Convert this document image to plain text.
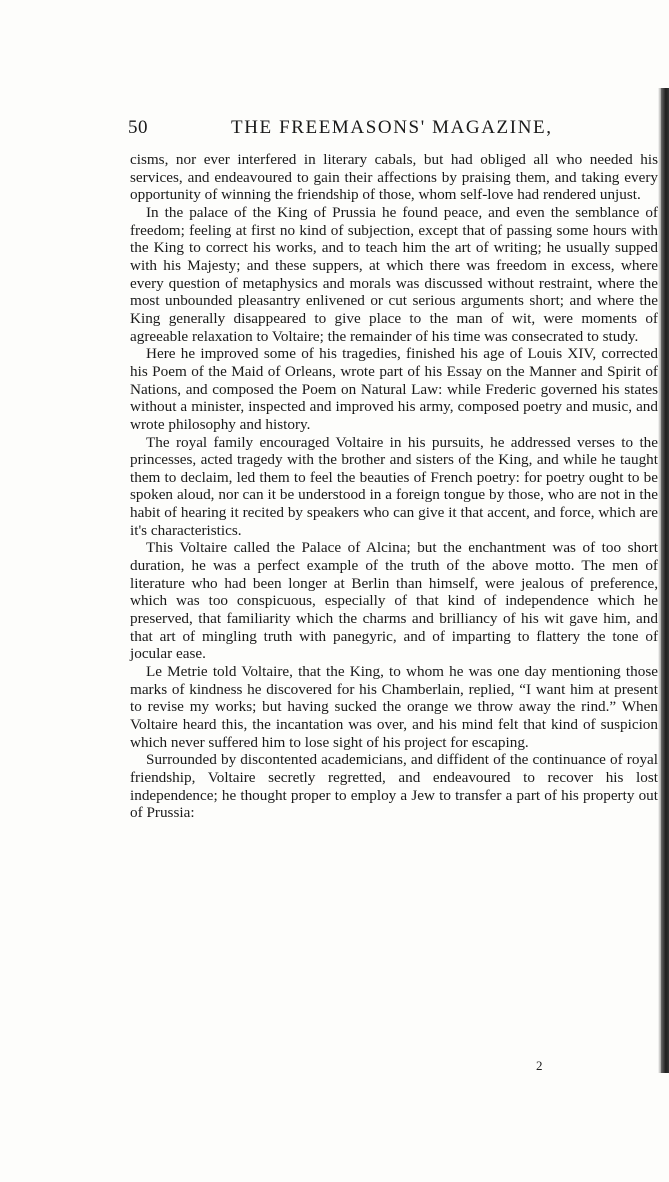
50	THE FREEMASONS' MAGAZINE,

cisms, nor ever interfered in literary cabals, but had obliged all who needed his services, and endeavoured to gain their affections by praising them, and taking every opportunity of winning the friendship of those, whom self-love had rendered unjust.

In the palace of the King of Prussia he found peace, and even the semblance of freedom; feeling at first no kind of subjection, except that of passing some hours with the King to correct his works, and to teach him the art of writing; he usually supped with his Majesty; and these suppers, at which there was freedom in excess, where every question of metaphysics and morals was discussed without restraint, where the most unbounded pleasantry enlivened or cut serious arguments short; and where the King generally disappeared to give place to the man of wit, were moments of agreeable relaxation to Voltaire; the remainder of his time was consecrated to study.

Here he improved some of his tragedies, finished his age of Louis XIV, corrected his Poem of the Maid of Orleans, wrote part of his Essay on the Manner and Spirit of Nations, and composed the Poem on Natural Law: while Frederic governed his states without a minister, inspected and improved his army, composed poetry and music, and wrote philosophy and history.

The royal family encouraged Voltaire in his pursuits, he addressed verses to the princesses, acted tragedy with the brother and sisters of the King, and while he taught them to declaim, led them to feel the beauties of French poetry: for poetry ought to be spoken aloud, nor can it be understood in a foreign tongue by those, who are not in the habit of hearing it recited by speakers who can give it that accent, and force, which are it's characteristics.

This Voltaire called the Palace of Alcina; but the enchantment was of too short duration, he was a perfect example of the truth of the above motto. The men of literature who had been longer at Berlin than himself, were jealous of preference, which was too conspicuous, especially of that kind of independence which he preserved, that familiarity which the charms and brilliancy of his wit gave him, and that art of mingling truth with panegyric, and of imparting to flattery the tone of jocular ease.

Le Metrie told Voltaire, that the King, to whom he was one day mentioning those marks of kindness he discovered for his Chamberlain, replied, “I want him at present to revise my works; but having sucked the orange we throw away the rind.” When Voltaire heard this, the incantation was over, and his mind felt that kind of suspicion which never suffered him to lose sight of his project for escaping.

Surrounded by discontented academicians, and diffident of the continuance of royal friendship, Voltaire secretly regretted, and endeavoured to recover his lost independence; he thought proper to employ a Jew to transfer a part of his property out of Prussia:

2
